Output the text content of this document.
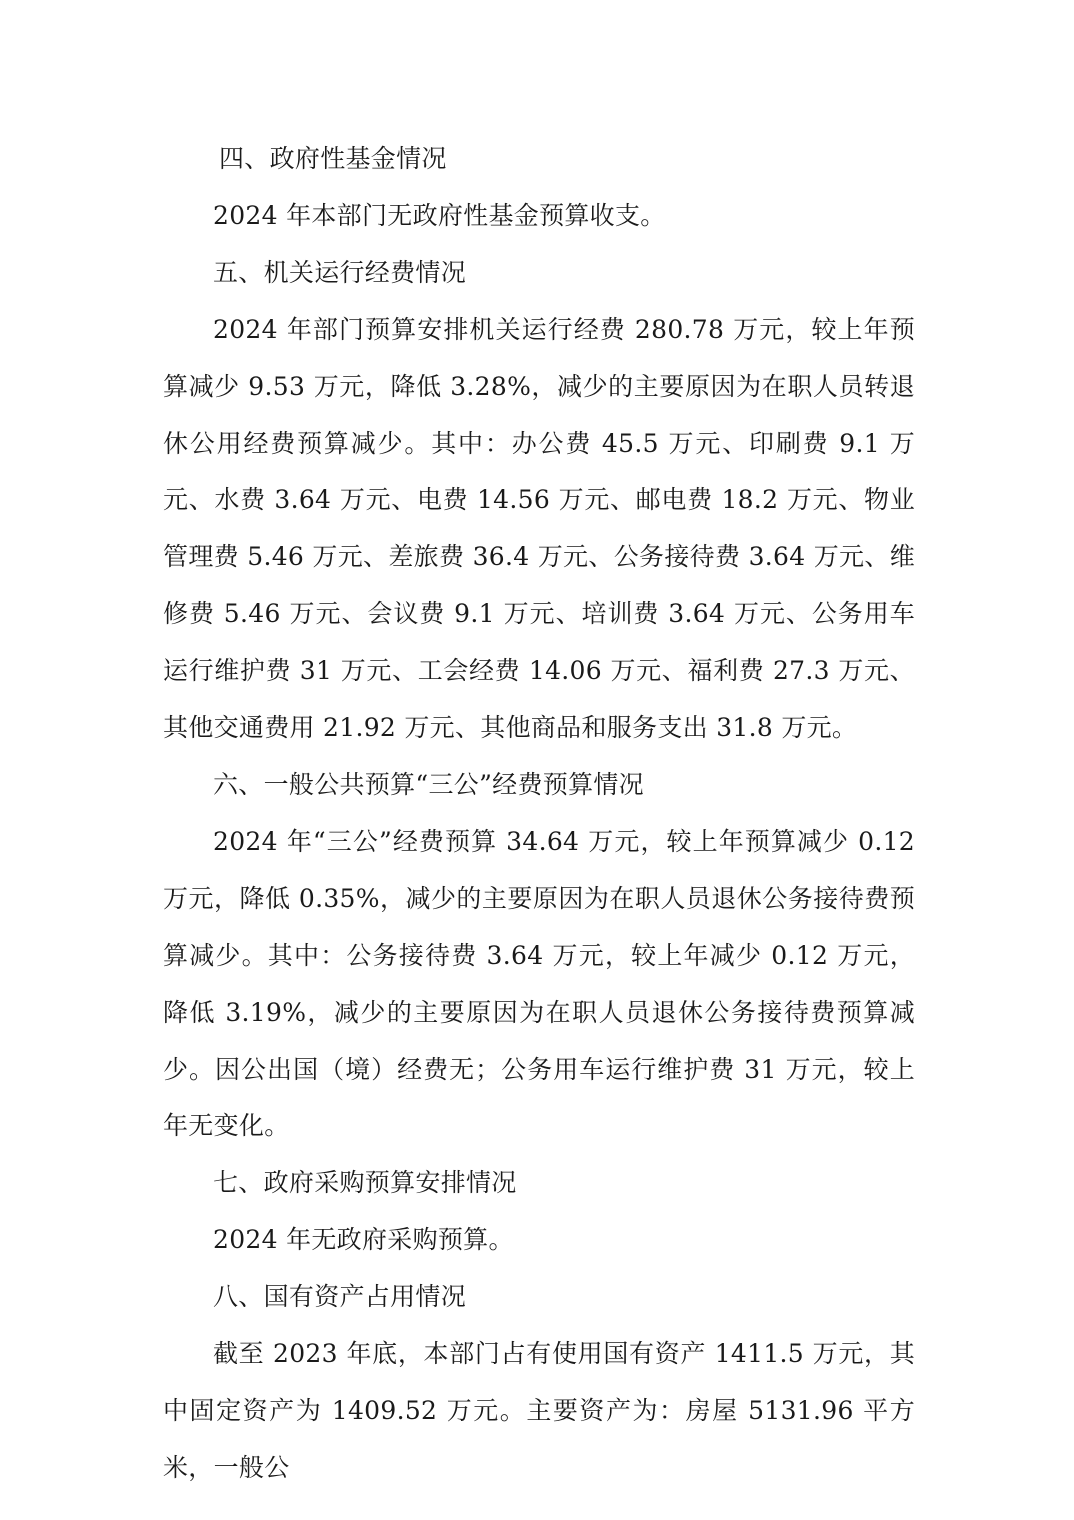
四、政府性基金情况

2024 年本部门无政府性基金预算收支。

五、机关运行经费情况

2024 年部门预算安排机关运行经费 280.78 万元，较上年预算减少 9.53 万元，降低 3.28%，减少的主要原因为在职人员转退休公用经费预算减少。其中：办公费 45.5 万元、印刷费 9.1 万元、水费 3.64 万元、电费 14.56 万元、邮电费 18.2 万元、物业管理费 5.46 万元、差旅费 36.4 万元、公务接待费 3.64 万元、维修费 5.46 万元、会议费 9.1 万元、培训费 3.64 万元、公务用车运行维护费 31 万元、工会经费 14.06 万元、福利费 27.3 万元、其他交通费用 21.92 万元、其他商品和服务支出 31.8 万元。

六、一般公共预算“三公”经费预算情况

2024 年“三公”经费预算 34.64 万元，较上年预算减少 0.12 万元，降低 0.35%，减少的主要原因为在职人员退休公务接待费预算减少。其中：公务接待费 3.64 万元，较上年减少 0.12 万元，降低 3.19%，减少的主要原因为在职人员退休公务接待费预算减少。因公出国（境）经费无；公务用车运行维护费 31 万元，较上年无变化。

七、政府采购预算安排情况

2024 年无政府采购预算。

八、国有资产占用情况

截至 2023 年底，本部门占有使用国有资产 1411.5 万元，其中固定资产为 1409.52 万元。主要资产为：房屋 5131.96 平方米，一般公
